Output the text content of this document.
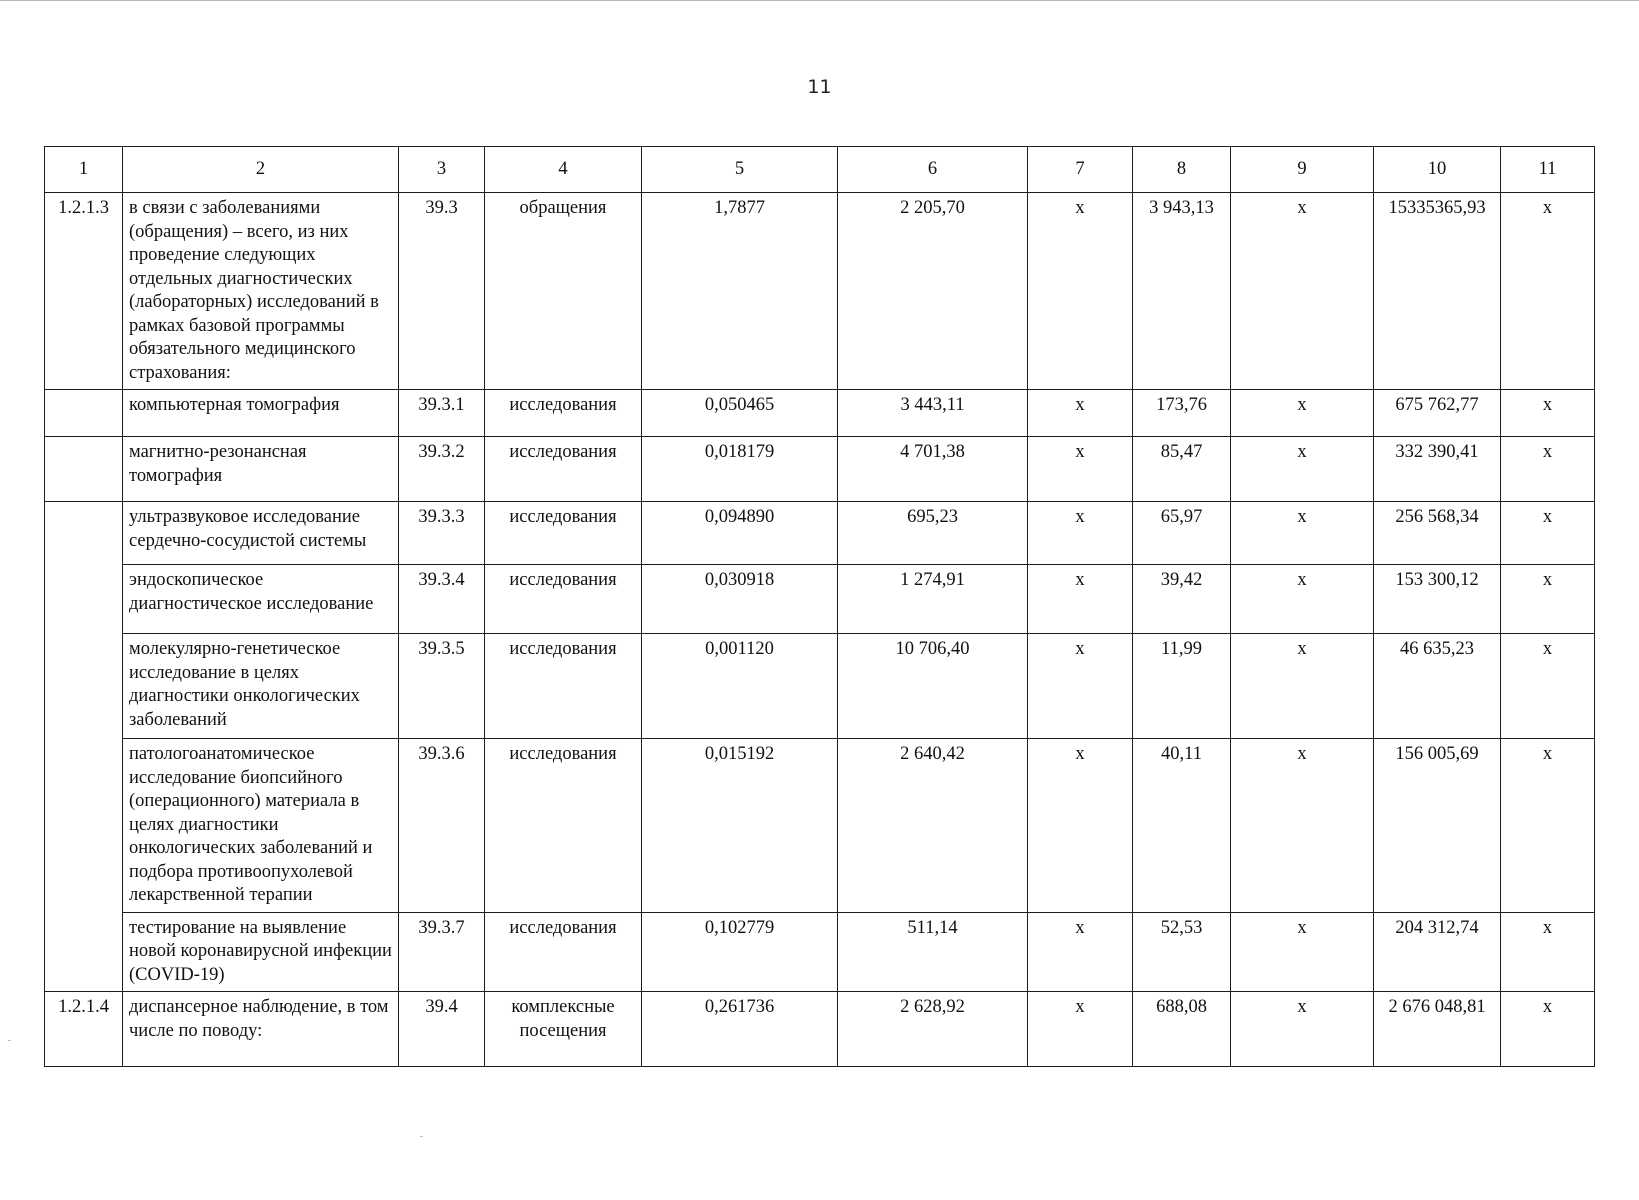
11
1	2	3	4	5	6	7	8	9	10	11
1.2.1.3	в связи с заболеваниями (обращения) – всего, из них проведение следующих отдельных диагностических (лабораторных) исследований в рамках базовой программы обязательного медицинского страхования:	39.3	обращения	1,7877	2 205,70	х	3 943,13	х	15335365,93	х
	компьютерная томография	39.3.1	исследования	0,050465	3 443,11	х	173,76	х	675 762,77	х
	магнитно-резонансная томография	39.3.2	исследования	0,018179	4 701,38	х	85,47	х	332 390,41	х
	ультразвуковое исследование сердечно-сосудистой системы	39.3.3	исследования	0,094890	695,23	х	65,97	х	256 568,34	х
	эндоскопическое диагностическое исследование	39.3.4	исследования	0,030918	1 274,91	х	39,42	х	153 300,12	х
	молекулярно-генетическое исследование в целях диагностики онкологических заболеваний	39.3.5	исследования	0,001120	10 706,40	х	11,99	х	46 635,23	х
	патологоанатомическое исследование биопсийного (операционного) материала в целях диагностики онкологических заболеваний и подбора противоопухолевой лекарственной терапии	39.3.6	исследования	0,015192	2 640,42	х	40,11	х	156 005,69	х
	тестирование на выявление новой коронавирусной инфекции (COVID-19)	39.3.7	исследования	0,102779	511,14	х	52,53	х	204 312,74	х
1.2.1.4	диспансерное наблюдение, в том числе по поводу:	39.4	комплексные посещения	0,261736	2 628,92	х	688,08	х	2 676 048,81	х
